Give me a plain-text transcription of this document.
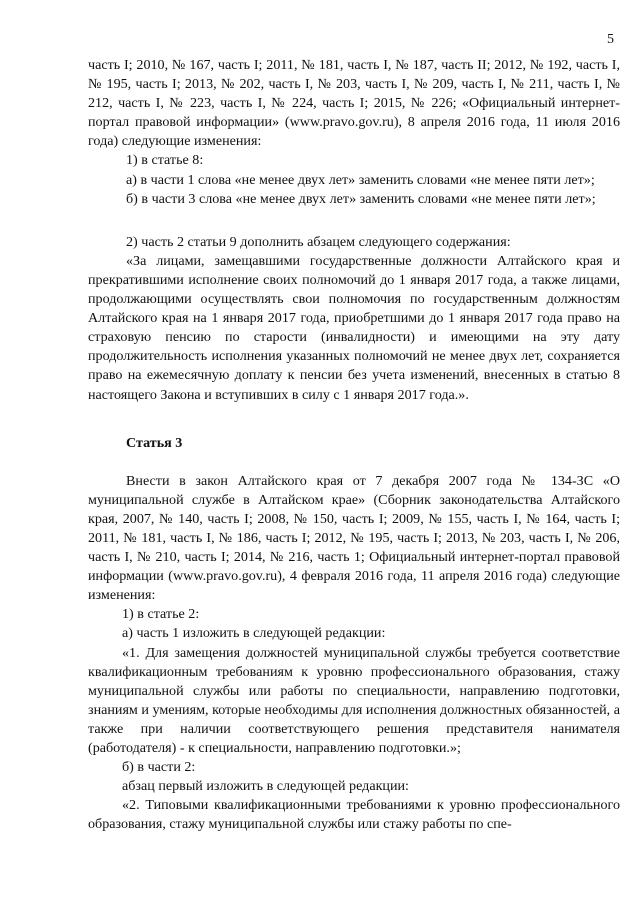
5

часть I; 2010, № 167, часть I; 2011, № 181, часть I, № 187, часть II; 2012, № 192, часть I, № 195, часть I; 2013, № 202, часть I, № 203, часть I, № 209, часть I, № 211, часть I, № 212, часть I, № 223, часть I, № 224, часть I; 2015, № 226; «Официальный интернет-портал правовой информации» (www.pravo.gov.ru), 8 апреля 2016 года, 11 июля 2016 года) следующие изменения:

1) в статье 8:

а) в части 1 слова «не менее двух лет» заменить словами «не менее пяти лет»;

б) в части 3 слова «не менее двух лет» заменить словами «не менее пяти лет»;

2) часть 2 статьи 9 дополнить абзацем следующего содержания:

«За лицами, замещавшими государственные должности Алтайского края и прекратившими исполнение своих полномочий до 1 января 2017 года, а также лицами, продолжающими осуществлять свои полномочия по государственным должностям Алтайского края на 1 января 2017 года, приобретшими до 1 января 2017 года право на страховую пенсию по старости (инвалидности) и имеющими на эту дату продолжительность исполнения указанных полномочий не менее двух лет, сохраняется право на ежемесячную доплату к пенсии без учета изменений, внесенных в статью 8 настоящего Закона и вступивших в силу с 1 января 2017 года.».

Статья 3

Внести в закон Алтайского края от 7 декабря 2007 года № 134-ЗС «О муниципальной службе в Алтайском крае» (Сборник законодательства Алтайского края, 2007, № 140, часть I; 2008, № 150, часть I; 2009, № 155, часть I, № 164, часть I; 2011, № 181, часть I, № 186, часть I; 2012, № 195, часть I; 2013, № 203, часть I, № 206, часть I, № 210, часть I; 2014, № 216, часть 1; Официальный интернет-портал правовой информации (www.pravo.gov.ru), 4 февраля 2016 года, 11 апреля 2016 года) следующие изменения:

1) в статье 2:

а) часть 1 изложить в следующей редакции:

«1. Для замещения должностей муниципальной службы требуется соответствие квалификационным требованиям к уровню профессионального образования, стажу муниципальной службы или работы по специальности, направлению подготовки, знаниям и умениям, которые необходимы для исполнения должностных обязанностей, а также при наличии соответствующего решения представителя нанимателя (работодателя) - к специальности, направлению подготовки.»;

б) в части 2:

абзац первый изложить в следующей редакции:

«2. Типовыми квалификационными требованиями к уровню профессионального образования, стажу муниципальной службы или стажу работы по спе-
